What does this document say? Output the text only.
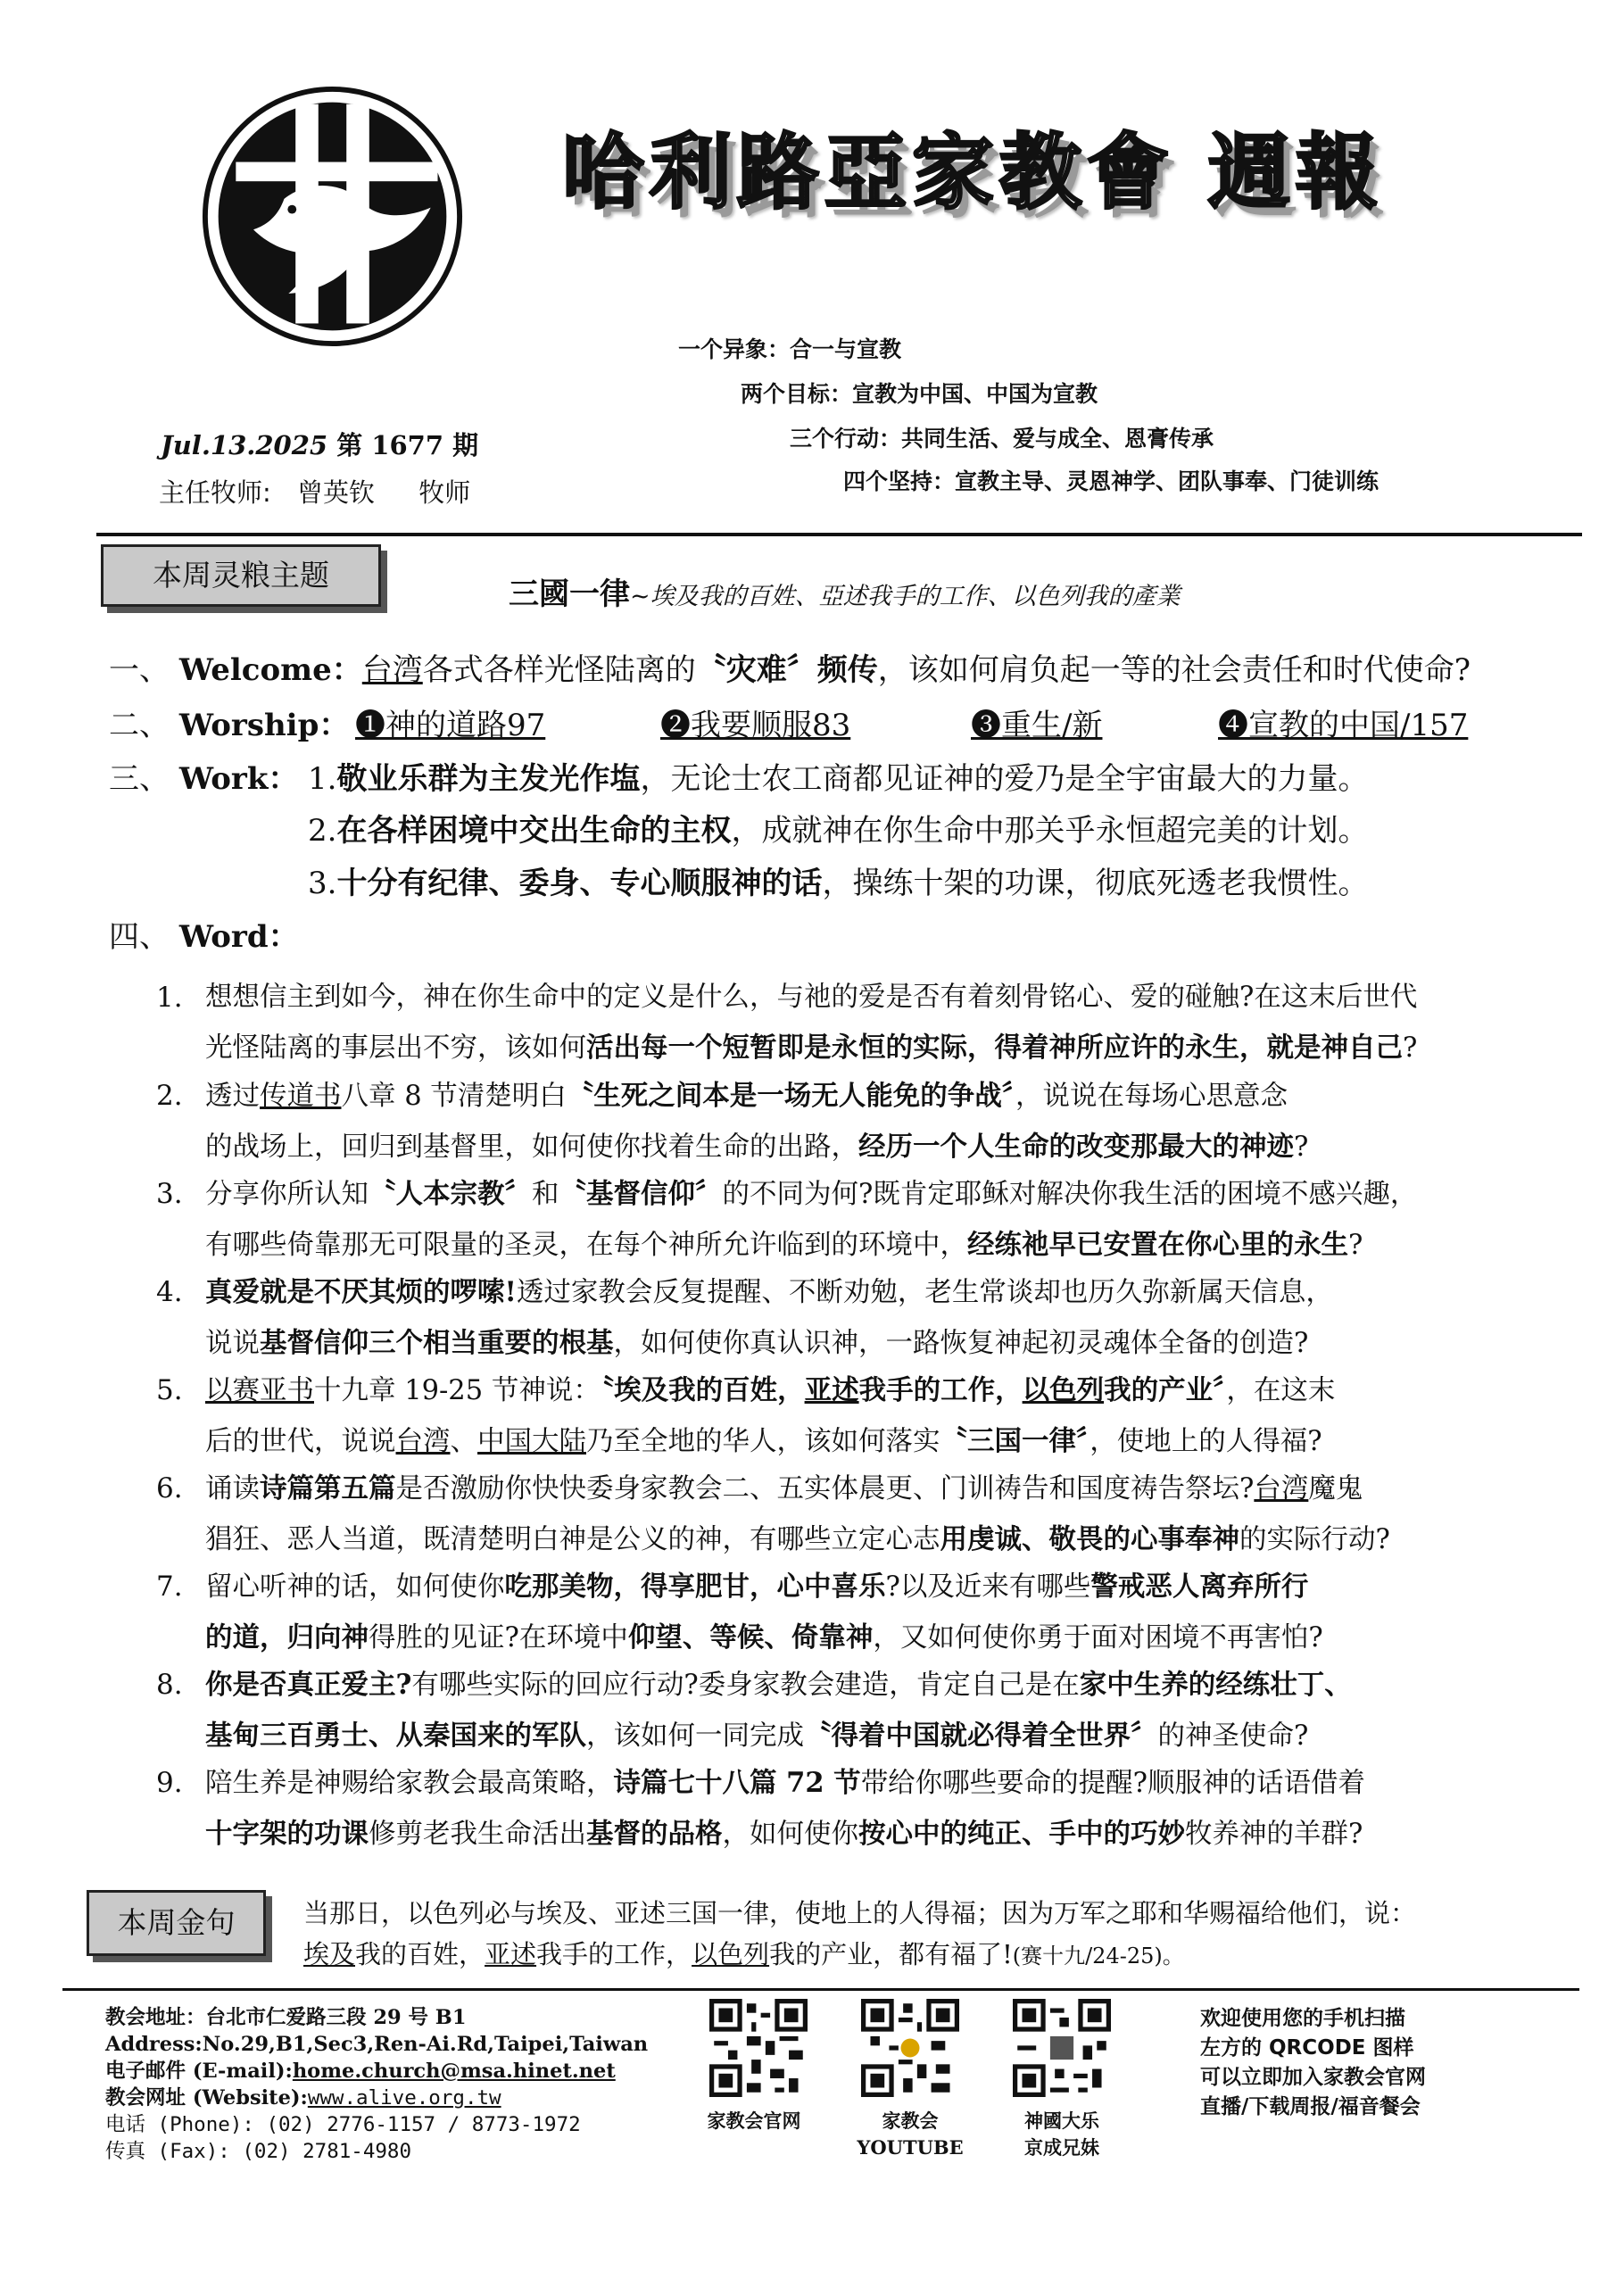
哈利路亞家教會 週報
一个异象：合一与宣教
两个目标：宣教为中国、中国为宣教
三个行动：共同生活、爱与成全、恩膏传承
四个坚持：宣教主导、灵恩神学、团队事奉、门徒训练
Jul.13.2025 第 1677 期
主任牧师: 曾英钦 牧师
本周灵粮主题
三國一律~埃及我的百姓、亞述我手的工作、以色列我的產業
一、 Welcome：台湾各式各样光怪陆离的〝灾难〞频传，该如何肩负起一等的社会责任和时代使命?
二、 Worship： ❶神的道路97	❷我要顺服83	❸重生/新	❹宣教的中国/157
三、 Work： 1.敬业乐群为主发光作塩，无论士农工商都见证神的爱乃是全宇宙最大的力量。
2.在各样困境中交出生命的主权，成就神在你生命中那关乎永恒超完美的计划。
3.十分有纪律、委身、专心顺服神的话，操练十架的功课，彻底死透老我惯性。
四、 Word：
1. 想想信主到如今，神在你生命中的定义是什么，与祂的爱是否有着刻骨铭心、爱的碰触?在这末后世代
光怪陆离的事层出不穷，该如何活出每一个短暂即是永恒的实际，得着神所应许的永生，就是神自己?
2. 透过传道书八章 8 节清楚明白〝生死之间本是一场无人能免的争战〞，说说在每场心思意念
的战场上，回归到基督里，如何使你找着生命的出路，经历一个人生命的改变那最大的神迹?
3. 分享你所认知〝人本宗教〞和〝基督信仰〞的不同为何?既肯定耶稣对解决你我生活的困境不感兴趣，
有哪些倚靠那无可限量的圣灵，在每个神所允许临到的环境中，经练祂早已安置在你心里的永生?
4. 真爱就是不厌其烦的啰嗦!透过家教会反复提醒、不断劝勉，老生常谈却也历久弥新属天信息，
说说基督信仰三个相当重要的根基，如何使你真认识神，一路恢复神起初灵魂体全备的创造?
5. 以赛亚书十九章 19-25 节神说：〝埃及我的百姓，亚述我手的工作，以色列我的产业〞，在这末
后的世代，说说台湾、中国大陆乃至全地的华人，该如何落实〝三国一律〞，使地上的人得福?
6. 诵读诗篇第五篇是否激励你快快委身家教会二、五实体晨更、门训祷告和国度祷告祭坛?台湾魔鬼
猖狂、恶人当道，既清楚明白神是公义的神，有哪些立定心志用虔诚、敬畏的心事奉神的实际行动?
7. 留心听神的话，如何使你吃那美物，得享肥甘，心中喜乐?以及近来有哪些警戒恶人离弃所行
的道，归向神得胜的见证?在环境中仰望、等候、倚靠神，又如何使你勇于面对困境不再害怕?
8. 你是否真正爱主?有哪些实际的回应行动?委身家教会建造，肯定自己是在家中生养的经练壮丁、
基甸三百勇士、从秦国来的军队，该如何一同完成〝得着中国就必得着全世界〞的神圣使命?
9. 陪生养是神赐给家教会最高策略，诗篇七十八篇 72 节带给你哪些要命的提醒?顺服神的话语借着
十字架的功课修剪老我生命活出基督的品格，如何使你按心中的纯正、手中的巧妙牧养神的羊群?
本周金句	当那日，以色列必与埃及、亚述三国一律，使地上的人得福；因为万军之耶和华赐福给他们，说：
埃及我的百姓，亚述我手的工作，以色列我的产业，都有福了!(赛十九/24-25)。
教会地址：台北市仁爱路三段 29 号 B1
Address:No.29,B1,Sec3,Ren-Ai.Rd,Taipei,Taiwan
电子邮件 (E-mail):home.church@msa.hinet.net
教会网址 (Website):www.alive.org.tw
电话 (Phone): (02) 2776-1157 / 8773-1972
传真 (Fax): (02) 2781-4980
家教会官网	家教会
YOUTUBE
神國大乐
京成兄妹
欢迎使用您的手机扫描
左方的 QRCODE 图样
可以立即加入家教会官网
直播/下载周报/福音餐会
